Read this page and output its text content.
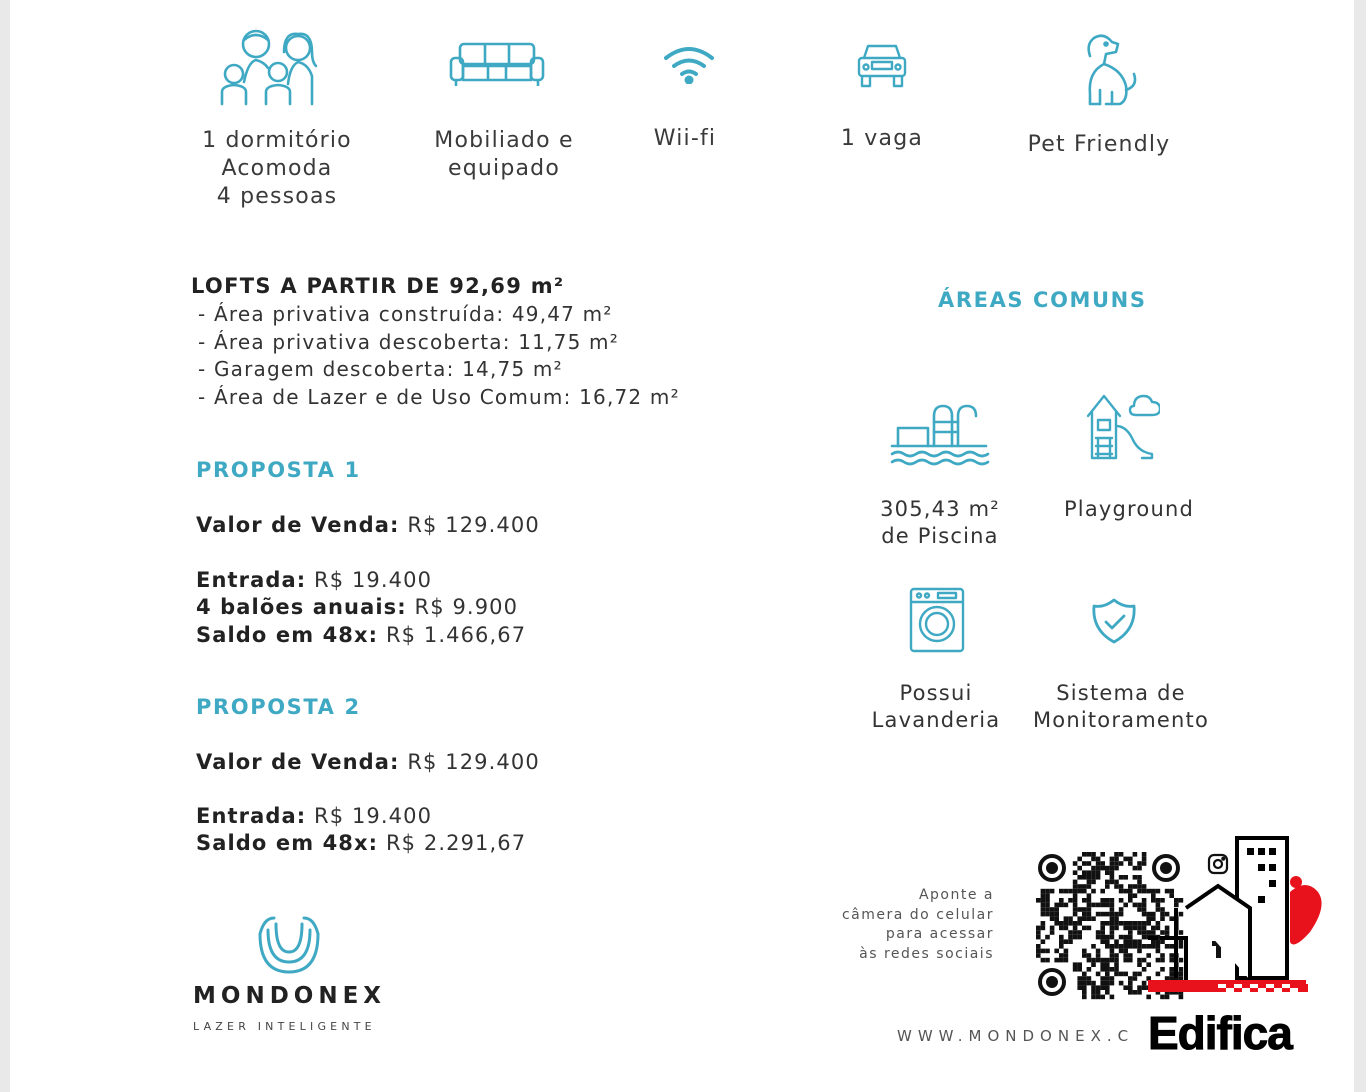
1 dormitório
Acomoda
4 pessoas
Mobiliado e
equipado
Wii-fi	1 vaga	Pet Friendly
LOFTS A PARTIR DE 92,69 m²
- Área privativa construída: 49,47 m²
- Área privativa descoberta: 11,75 m²
- Garagem descoberta: 14,75 m²
- Área de Lazer e de Uso Comum: 16,72 m²
PROPOSTA 1
Valor de Venda: R$ 129.400
Entrada: R$ 19.400
4 balões anuais: R$ 9.900
Saldo em 48x: R$ 1.466,67
PROPOSTA 2
Valor de Venda: R$ 129.400
Entrada: R$ 19.400
Saldo em 48x: R$ 2.291,67
ÁREAS COMUNS
305,43 m²
de Piscina
Playground
Possui
Lavanderia
Sistema de
Monitoramento
Aponte a
câmera do celular
para acessar
às redes sociais
WWW.MONDONEX.C
MONDONEX
LAZER INTELIGENTE	Edifica
